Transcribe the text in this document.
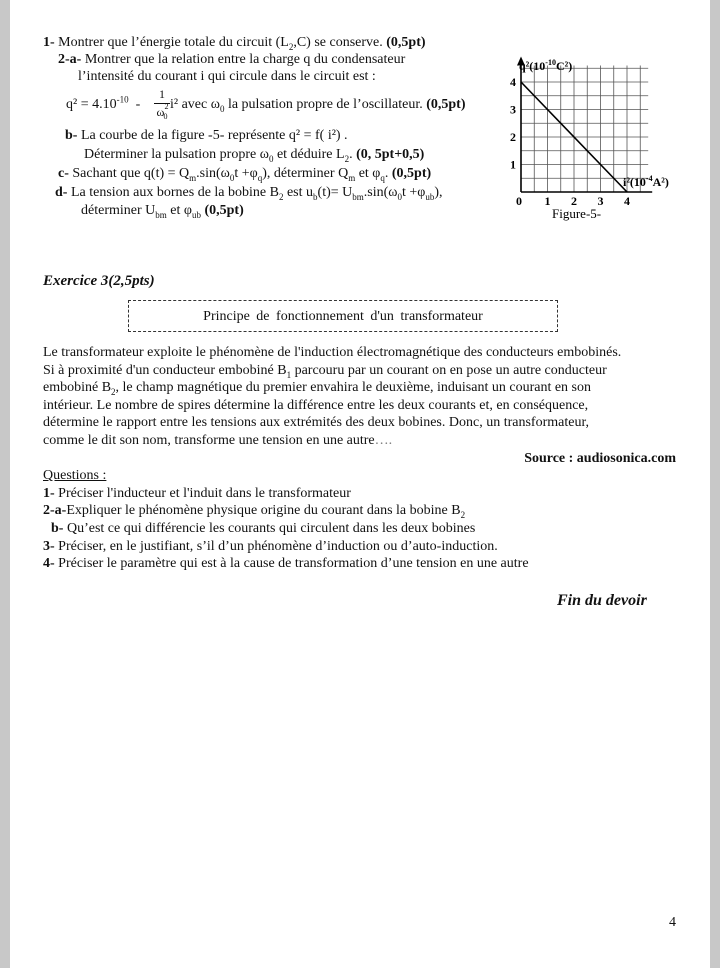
1- Montrer que l’énergie totale du circuit $(L_2,C)$ se conserve. (0,5pt)
2-a- Montrer que la relation entre la charge q du condensateur
l’intensité du courant i qui circule dans le circuit est :
$q^2 = 4.10^{-10}$ -
1
$\omega^2_0$
i² avec $\omega_0$ la pulsation propre de l’oscillateur. (0,5pt)
b- La courbe de la figure -5- représente q² = f( i²) .
Déterminer la pulsation propre $\omega_0$ et déduire $L_2$. (0, 5pt+0,5)
c- Sachant que $q(t) = Q_m.\sin(\omega_0t +\varphi_q)$, déterminer $Q_m$ et $\varphi_q$. (0,5pt)
d- La tension aux bornes de la bobine $B_2$ est $u_b(t)= U_{bm}.\sin(\omega_0t +\varphi_{ub})$,
déterminer $U_{bm}$ et $\varphi_{ub}$ (0,5pt)
0 1 2 3 4
1
2
3
4
$q^2(10^{-10}C^2)$
$i^2(10^{-4}A^2)$
Figure-5-
Exercice 3(2,5pts)
Principe de fonctionnement d'un transformateur
Le transformateur exploite le phénomène de l'induction électromagnétique des conducteurs embobinés.
Si à proximité d'un conducteur embobiné $B_1$ parcouru par un courant on en pose un autre conducteur
embobiné $B_2$, le champ magnétique du premier envahira le deuxième, induisant un courant en son
intérieur. Le nombre de spires détermine la différence entre les deux courants et, en conséquence,
détermine le rapport entre les tensions aux extrémités des deux bobines. Donc, un transformateur,
comme le dit son nom, transforme une tension en une autre….
Source : audiosonica.com
Questions :
1- Préciser l'inducteur et l'induit dans le transformateur
2-a-Expliquer le phénomène physique origine du courant dans la bobine $B_2$
b- Qu’est ce qui différencie les courants qui circulent dans les deux bobines
3- Préciser, en le justifiant, s’il d’un phénomène d’induction ou d’auto-induction.
4- Préciser le paramètre qui est à la cause de transformation d’une tension en une autre
Fin du devoir
4
